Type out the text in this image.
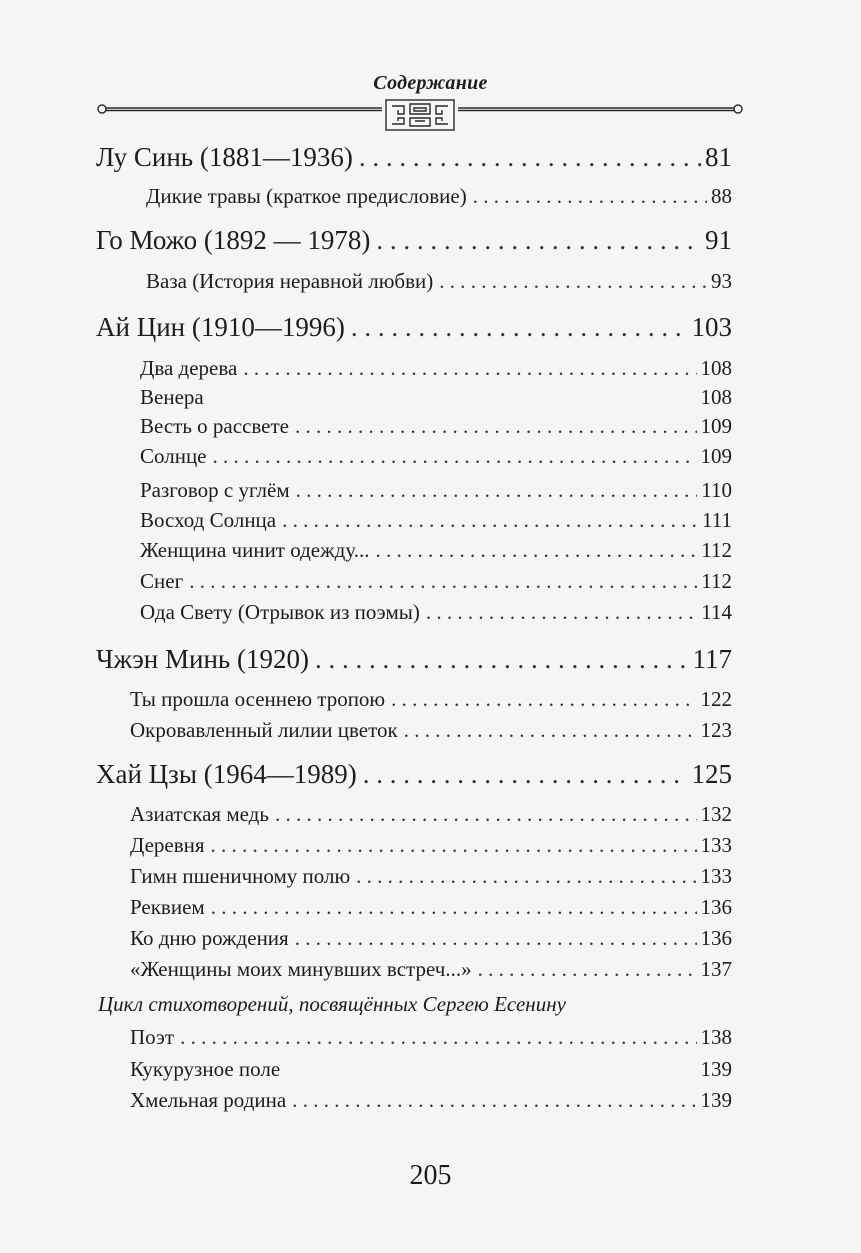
Содержание
Лу Синь (1881—1936) . . .	81
Дикие травы (краткое предисловие) . . .	88
Го Можо (1892 — 1978) . . .	91
Ваза (История неравной любви) . . .	93
Ай Цин (1910—1996) . . .	103
Два дерева . . .	108
Венера	108
Весть о рассвете . . .	109
Солнце . . .	109
Разговор с углём . . .	110
Восход Солнца . . .	111
Женщина чинит одежду... . . .	112
Снег . . .	112
Ода Свету (Отрывок из поэмы) . . .	114
Чжэн Минь (1920) . . .	117
Ты прошла осеннею тропою . . .	122
Окровавленный лилии цветок . . .	123
Хай Цзы (1964—1989) . . .	125
Азиатская медь . . .	132
Деревня . . .	133
Гимн пшеничному полю . . .	133
Реквием . . .	136
Ко дню рождения . . .	136
«Женщины моих минувших встреч...» . . .	137
Цикл стихотворений, посвящённых Сергею Есенину
Поэт . . .	138
Кукурузное поле	139
Хмельная родина . . .	139
205
